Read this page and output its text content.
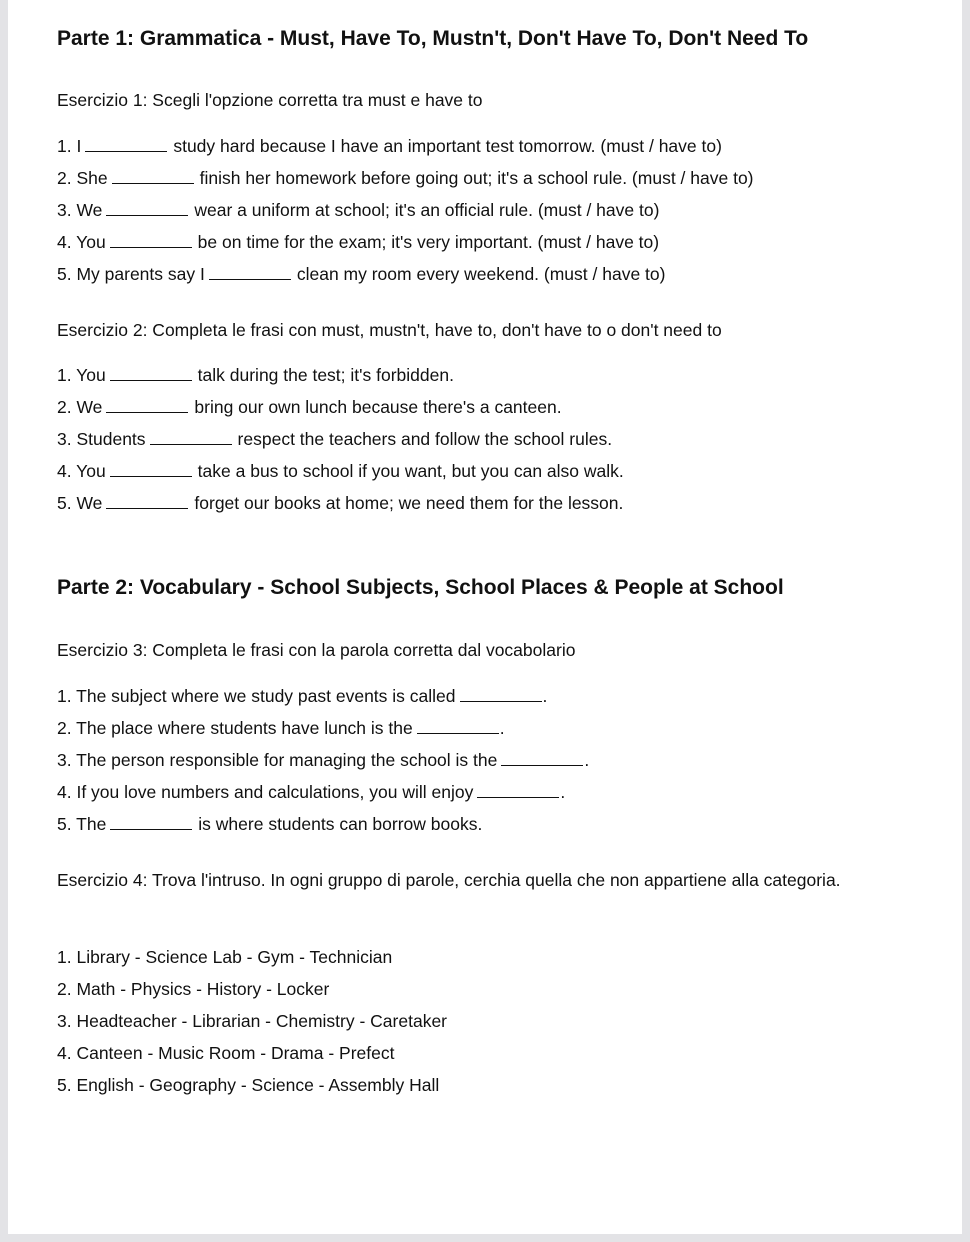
Parte 1: Grammatica - Must, Have To, Mustn't, Don't Have To, Don't Need To
Esercizio 1: Scegli l'opzione corretta tra must e have to
1. I	study hard because I have an important test tomorrow. (must / have to)
2. She	finish her homework before going out; it's a school rule. (must / have to)
3. We	wear a uniform at school; it's an official rule. (must / have to)
4. You	be on time for the exam; it's very important. (must / have to)
5. My parents say I	clean my room every weekend. (must / have to)
Esercizio 2: Completa le frasi con must, mustn't, have to, don't have to o don't need to
1. You	talk during the test; it's forbidden.
2. We	bring our own lunch because there's a canteen.
3. Students	respect the teachers and follow the school rules.
4. You	take a bus to school if you want, but you can also walk.
5. We	forget our books at home; we need them for the lesson.
Parte 2: Vocabulary - School Subjects, School Places & People at School
Esercizio 3: Completa le frasi con la parola corretta dal vocabolario
1. The subject where we study past events is called	.
2. The place where students have lunch is the	.
3. The person responsible for managing the school is the	.
4. If you love numbers and calculations, you will enjoy	.
5. The	is where students can borrow books.
Esercizio 4: Trova l'intruso. In ogni gruppo di parole, cerchia quella che non appartiene alla categoria.
1. Library - Science Lab - Gym - Technician
2. Math - Physics - History - Locker
3. Headteacher - Librarian - Chemistry - Caretaker
4. Canteen - Music Room - Drama - Prefect
5. English - Geography - Science - Assembly Hall
